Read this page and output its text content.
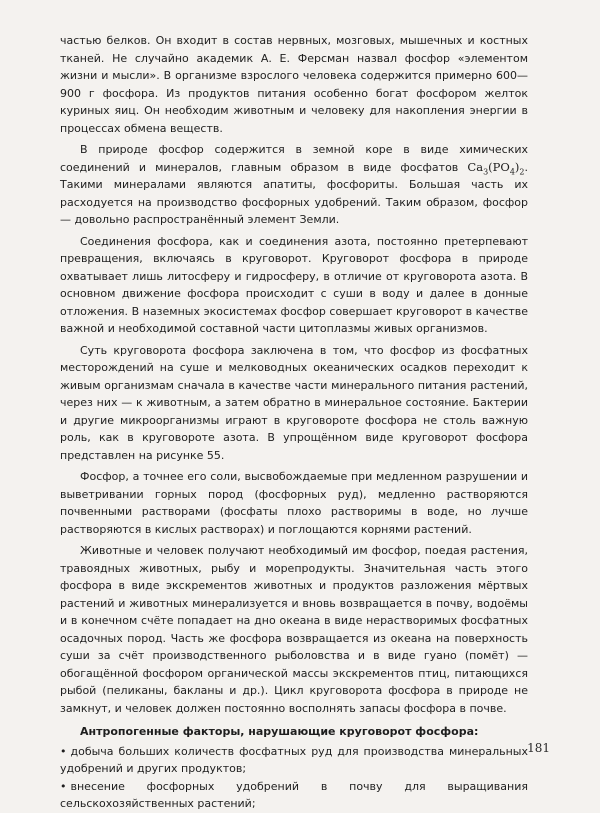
частью белков. Он входит в состав нервных, мозговых, мышечных и костных тканей. Не случайно академик А. Е. Ферсман назвал фосфор «элементом жизни и мысли». В организме взрослого человека содержится примерно 600—900 г фосфора. Из продуктов питания особенно богат фосфором желток куриных яиц. Он необходим животным и человеку для накопления энергии в процессах обмена веществ.

В природе фосфор содержится в земной коре в виде химических соединений и минералов, главным образом в виде фосфатов $Ca_3(PO_4)_2$. Такими минералами являются апатиты, фосфориты. Большая часть их расходуется на производство фосфорных удобрений. Таким образом, фосфор — довольно распространённый элемент Земли.

Соединения фосфора, как и соединения азота, постоянно претерпевают превращения, включаясь в круговорот. Круговорот фосфора в природе охватывает лишь литосферу и гидросферу, в отличие от круговорота азота. В основном движение фосфора происходит с суши в воду и далее в донные отложения. В наземных экосистемах фосфор совершает круговорот в качестве важной и необходимой составной части цитоплазмы живых организмов.

Суть круговорота фосфора заключена в том, что фосфор из фосфатных месторождений на суше и мелководных океанических осадков переходит к живым организмам сначала в качестве части минерального питания растений, через них — к животным, а затем обратно в минеральное состояние. Бактерии и другие микроорганизмы играют в круговороте фосфора не столь важную роль, как в круговороте азота. В упрощённом виде круговорот фосфора представлен на рисунке 55.

Фосфор, а точнее его соли, высвобождаемые при медленном разрушении и выветривании горных пород (фосфорных руд), медленно растворяются почвенными растворами (фосфаты плохо растворимы в воде, но лучше растворяются в кислых растворах) и поглощаются корнями растений.

Животные и человек получают необходимый им фосфор, поедая растения, травоядных животных, рыбу и морепродукты. Значительная часть этого фосфора в виде экскрементов животных и продуктов разложения мёртвых растений и животных минерализуется и вновь возвращается в почву, водоёмы и в конечном счёте попадает на дно океана в виде нерастворимых фосфатных осадочных пород. Часть же фосфора возвращается из океана на поверхность суши за счёт производственного рыболовства и в виде гуано (помёт) — обогащённой фосфором органической массы экскрементов птиц, питающихся рыбой (пеликаны, бакланы и др.). Цикл круговорота фосфора в природе не замкнут, и человек должен постоянно восполнять запасы фосфора в почве.

Антропогенные факторы, нарушающие круговорот фосфора:

• добыча больших количеств фосфатных руд для производства минеральных удобрений и других продуктов;
• внесение фосфорных удобрений в почву для выращивания сельскохозяйственных растений;
181
